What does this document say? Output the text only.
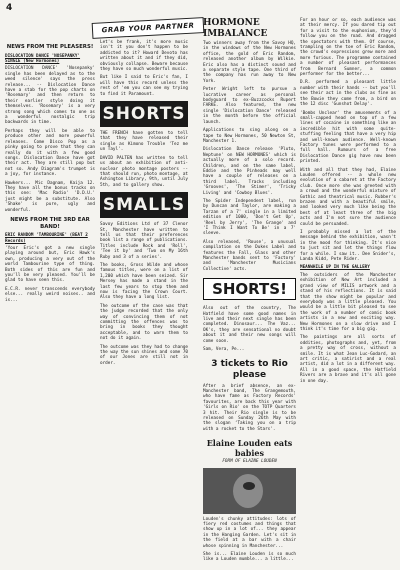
4
GRAB YOUR PARTNER
NEWS FROM THE PLEASERS!
DISLOCATION DANCE 'NOSEPANKY' SINGLE (New Hormones)

DISLOCATION DANCE' 'Nosepanky' single has been delayed as to the weed silence' says the press release... -- Dislocation Dance have a stab for the pop charts on 'Rosemary' and then return to their earlier style doing it themselves. 'Rosemary' is a very strong song which comes to one as a wonderful nostalgic trip backwards in time.

Perhaps they will be able to produce other and more powerful releases. Come Disco Pop as a pinky going to prove that they can really do it with a few good songs. Dislocation Dance have got their act. They are still pop but not so. Andy Diagram's trumpet is a joy, for instance.

Hawkers... Mic Dagnam, Kaija 12. They have all the bonus tracks on this one: 'Mac Radio' 'D.D.U.' just might be a substitute. Also 'Shake' is pure, ugly and wonderful.

NEWS FROM THE 3RD EAR BAND!
ERIC RANDOM 'TAMBOURINE' (BEAT 2 Records)

'Your Eric's got a new single playing around but, Eric Hawk's own, producing a very out of the world Tambourine type of thing. Both sides of this are fun and you'll be very pleased. You'll be glad to have seen this.

E.C.R. never transcends everybody else... really weird noises.. and is...

Let's be frank, it's more music isn't it you don't happen to be addicted to it? Howard Devoto has written about it and if they did, obviously collapse. Beware because they have so much wonderful music.

But like I said to Eric's fan, I will have this record unless the rest of 'em you can see my trying to find it Paramount.

SHORTS

THE FRENCH have gotten to tell that they have released their single as Kimono Trouble 'Tez me un Tayl'.

DAVID PALTEN has written to tell us about an exhibition of anti-nuclear photo montage posters -- that should run, photo montage, at Ashington Library, 9th, until July 5th, and to gallery show.

SMALLS

Savoy Editions Ltd of 37 Clenor St, Manchester have written to tell us that their preferences book list a range of publications. Titles include Rock and 'Roll', 'Tee it by' and 'Two on My 16th Ruby and 3 of a series'.

The books, Gross Wilde and whose famous titles, were on a list of 1,200 which have been seized. Sir Mersey has made a stand in the last few years to stop them and now is facing the Crown Court. Also they have a long list.

The outcome of the case was that the judge recorded that the only way of convincing them of not committing the offences was to bring in books they thought acceptable, and to warn them to not do it again.

The outcome was they had to change the way the sun shines and some 70 of our Jones are still not in order.

HORMONE IMBALANCE

Two winners away from the Savoy HQ, in the windows of the New Hormones office, the gold of Eric Random, released another album by Wilkie. Eric also has a distinct sound and a separate style tape. One third of the company has run away to New York.

Peter Wright left to pursue a lucrative career as personal bodyguard to ex-Buzzcocks Rupert FARKE. Also featured, the new single 'Dislocation Dance' released in the month before the official launch.

Applications to sing along on a tape to New Hormones, 50 Newton St, Manchester 1.

Dislocation Dance release 'Pluto, Neptune' on NEW HORMONES' which is actually more of a solo record. Children, and on the same label, Eddie and the Pinheads may well have a couple of releases on a third label. Tracks including 'Grooves', 'The Stimer', 'Tricky Living' and 'Cowboy Blues'.

The Spider Independent label, run by Duncan and Taylor, are making a Tarzan of a 7' single in a limited edition of 1000, 'Don't Get Up', 'Reel by Jerry', 'The Grange' and 'I Think I Want To Be' in a 7' sleeve.

Also released, 'Rouse', a unusual compilation on the Dukes Label and features the Fall, Glass and other Manchester bands sent to 'Factory' and 'Manchester Musicians Collective' acts.

SHORTS!

Also out of the country, The Hatfield have some good names in live and their next single has been completed. Dinosaur... The Vaz... OK's, they are sensational no doubt about it and their new songs will come soon.

Sam, Vera, Pe...

3 tickets to Rio please

After a brief absence, an ex-Manchester band, The Grangemouth, who have fame as Factory Records' favourites, are back this year with 'Girls on Rio' on the TOTP Quarters 3 hit. Their Rio single is to be released on Sunday 26th May with the slogan ‘Taking you on a trip with a rocket to the Stars'.

Elaine Louden eats babies
FORM OF ELAINE LOUDEN

Louden's chunky attitudes: lots of fiery red costumes and things that show up in a lot of... they appear in the Hanging Garden. Let's sit in the field at a bar with a chair whose spinning in Manchester...

She is... Elaine Louden is so much like a Louden mumble... a little...

For an hour or so, each audience was at their mercy. If you dared tip out for a visit to the euphonium, they'd follow you on the road. And dragged the spectators with them. Of course, trampling on the toe of Eric Random, the crowd's expressions grew more and more furious. The programme contained a number of pleasant performances from Bernard Sumner, a common performer for the better...

D.R. performed a pleasant little number with their hands -- but you'll see their act in the clubs as fine as the Bowie they come from, a bird on the 12 disc 'Gunshot Delay'.

'Bombs Unclear' the amusements of a small-capped head on top of a few lines of cocaine in something like an incredible hit with some quite-stuffing feeling that have a very hip and well-known audience. Well-known Factory tunes were performed to a full hall. Rumours of a free Dislocation Dance gig have now been printed.

With and all that they had, Elaine Louden offered -- a whole new evolution of a cabaret at the Factory club. Once more she was greeted with a crowd and the wonderful mixture of Gothic and theatrical music. Rubber's brazen and with a beautiful smile, and looked very much like being the best of at least three of the big acts and I'm not sure the audience could be persuaded.

I probably missed a lot of the message behind the exhibition, wasn't in the mood for thinking. It's nice to just sit and let the things flow for a while. I saw it.. Dee Snider's, Landa Kidd, Pete Rider.

MEANWHILE UP IN THE GALLERY

The outsiders of the Manchester exhibition of New Art included a grand view of MILIS artwork and a stand of his reflections. It is said that the show might be popular and everybody was a little pleased. You would be a little bit pleased to see the work of a number of comic book artists in a new and exciting way. New Hormones on a slow drive and I think it's time for a big gig.

The paintings are all sorts of oddities, photographs and, yet, from a pretty way of cross, without a smile. It is what Jean Luc-Godard, an art critic, a satirist and a real artist, did a lot in a different way. All in a good space, the Hatfield Rivers are a brave and it's all gone in one day.
